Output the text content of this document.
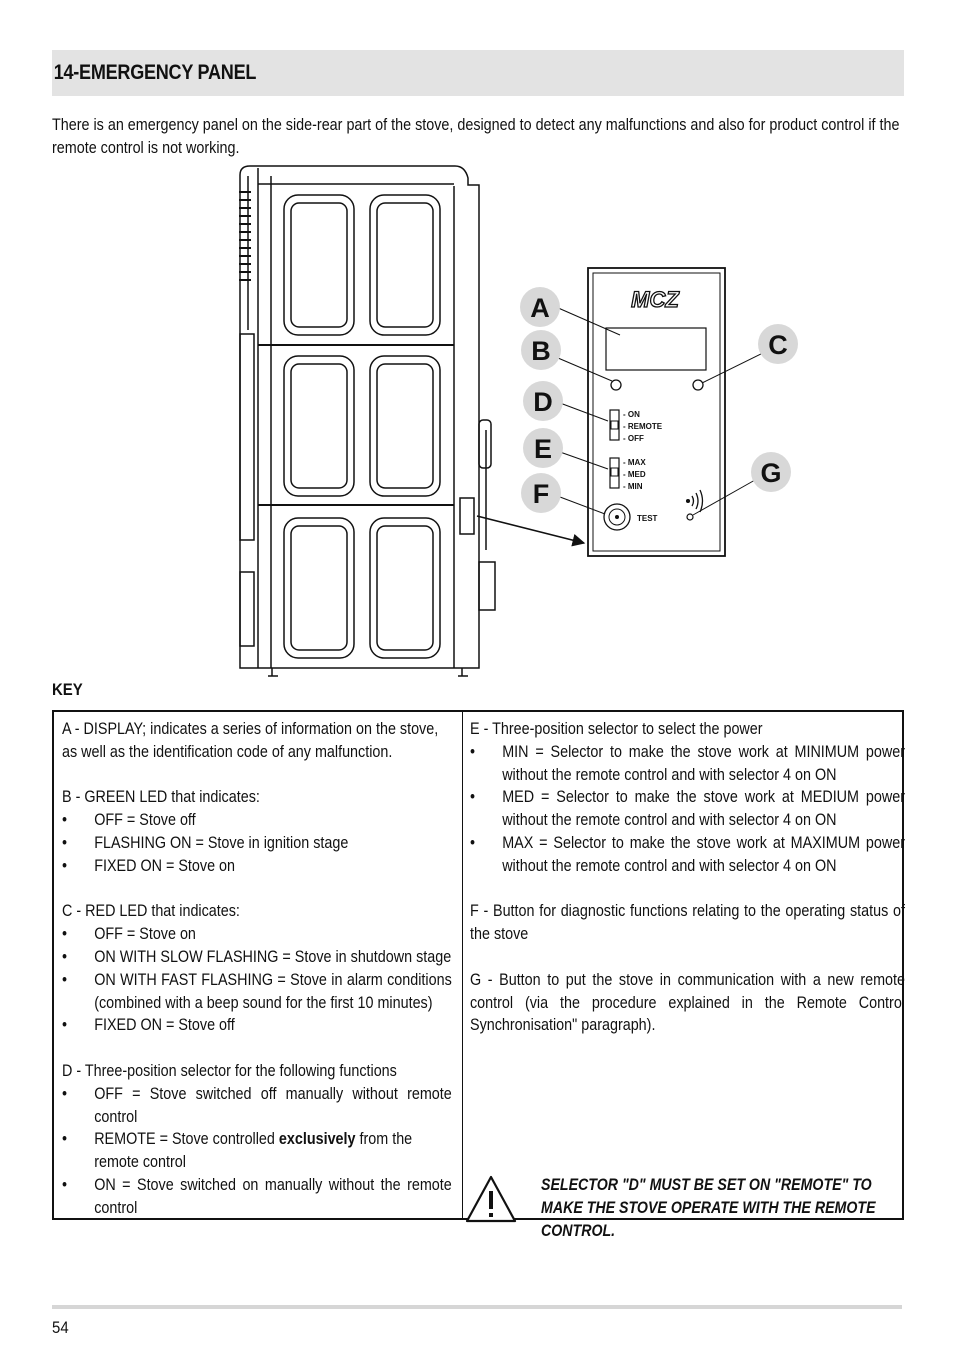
14-EMERGENCY PANEL
There is an emergency panel on the side-rear part of the stove, designed to detect any malfunctions and also for product control if the remote control is not working.
MCZ
- ON
- REMOTE
- OFF
- MAX
- MED
- MIN
TEST
A
B	C
D
E
F
G
KEY

A - DISPLAY; indicates a series of information on the stove, as well as the identification code of any malfunction.

B - GREEN LED that indicates:

• OFF = Stove off
• FLASHING ON = Stove in ignition stage
• FIXED ON = Stove on

C - RED LED that indicates:

• OFF = Stove on
• ON WITH SLOW FLASHING = Stove in shutdown stage
• ON WITH FAST FLASHING = Stove in alarm conditions (combined with a beep sound for the first 10 minutes)
• FIXED ON = Stove off

D - Three-position selector for the following functions

• OFF = Stove switched off manually without remote control
• REMOTE = Stove controlled exclusively from the remote control
• ON = Stove switched on manually without the remote control

E - Three-position selector to select the power

• MIN = Selector to make the stove work at MINIMUM power without the remote control and with selector 4 on ON
• MED = Selector to make the stove work at MEDIUM power without the remote control and with selector 4 on ON
• MAX = Selector to make the stove work at MAXIMUM power without the remote control and with selector 4 on ON

F - Button for diagnostic functions relating to the operating status of the stove

G - Button to put the stove in communication with a new remote control (via the procedure explained in the Remote Control Synchronisation" paragraph).

SELECTOR "D" MUST BE SET ON "REMOTE" TO MAKE THE STOVE OPERATE WITH THE REMOTE CONTROL.
54
